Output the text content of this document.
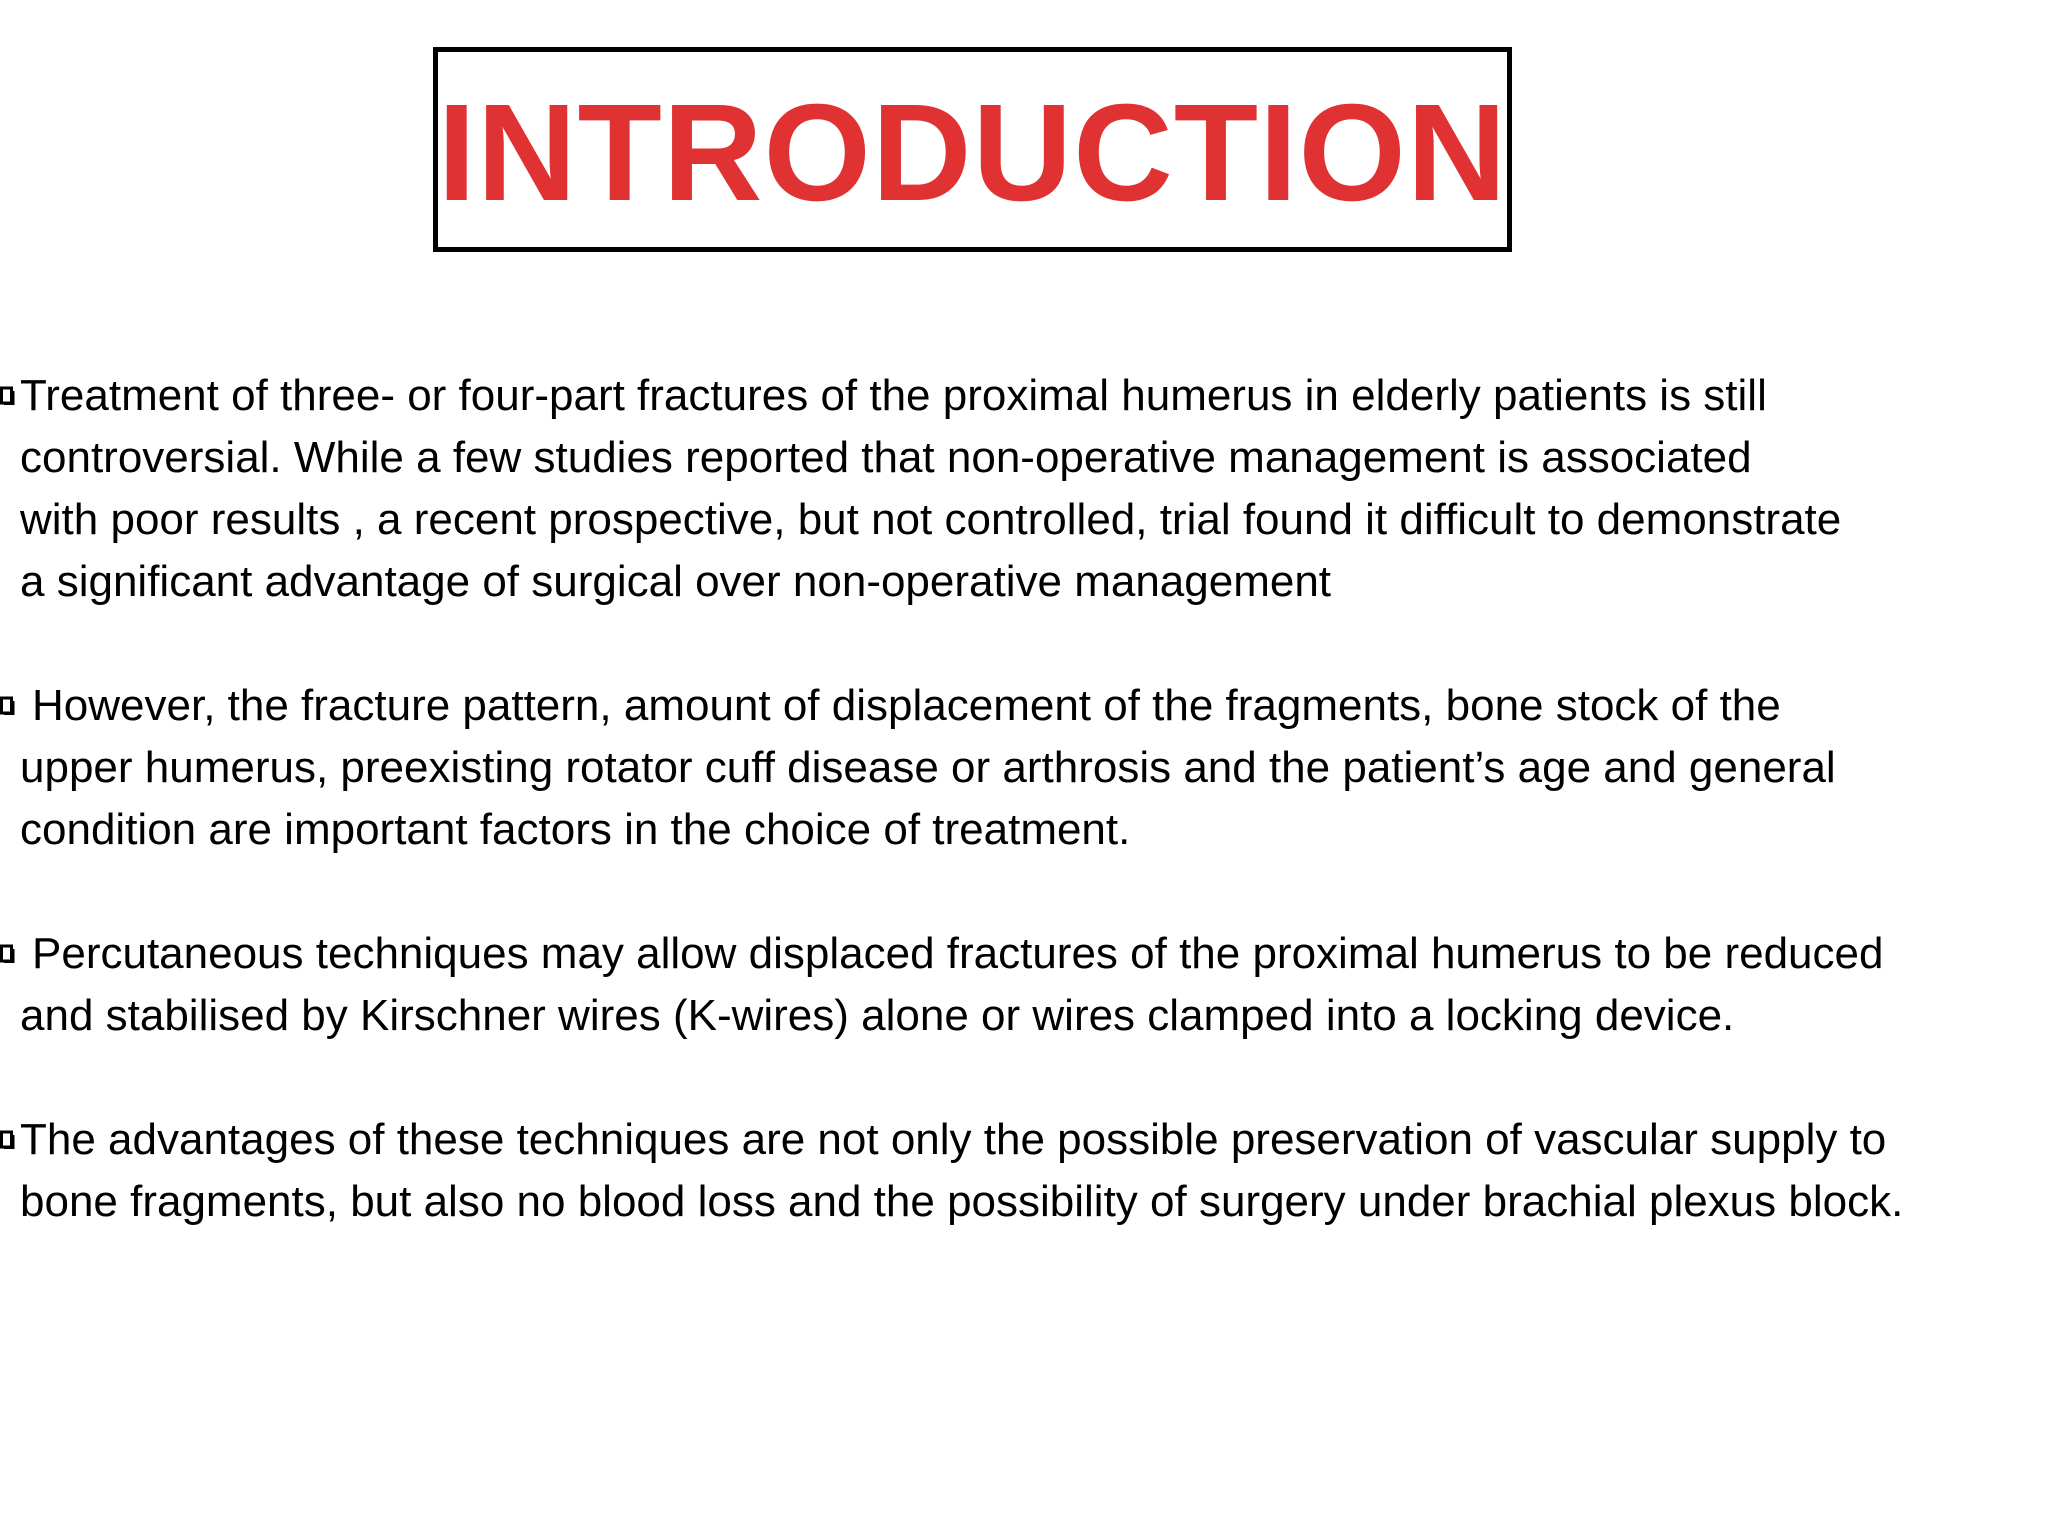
INTRODUCTION
Treatment of three- or four-part fractures of the proximal humerus in elderly patients is still
controversial. While a few studies reported that non-operative management is associated
with poor results , a recent prospective, but not controlled, trial found it difficult to demonstrate
a significant advantage of surgical over non-operative management
However, the fracture pattern, amount of displacement of the fragments, bone stock of the
upper humerus, preexisting rotator cuff disease or arthrosis and the patient’s age and general
condition are important factors in the choice of treatment.
Percutaneous techniques may allow displaced fractures of the proximal humerus to be reduced
and stabilised by Kirschner wires (K-wires) alone or wires clamped into a locking device.
The advantages of these techniques are not only the possible preservation of vascular supply to
bone fragments, but also no blood loss and the possibility of surgery under brachial plexus block.
